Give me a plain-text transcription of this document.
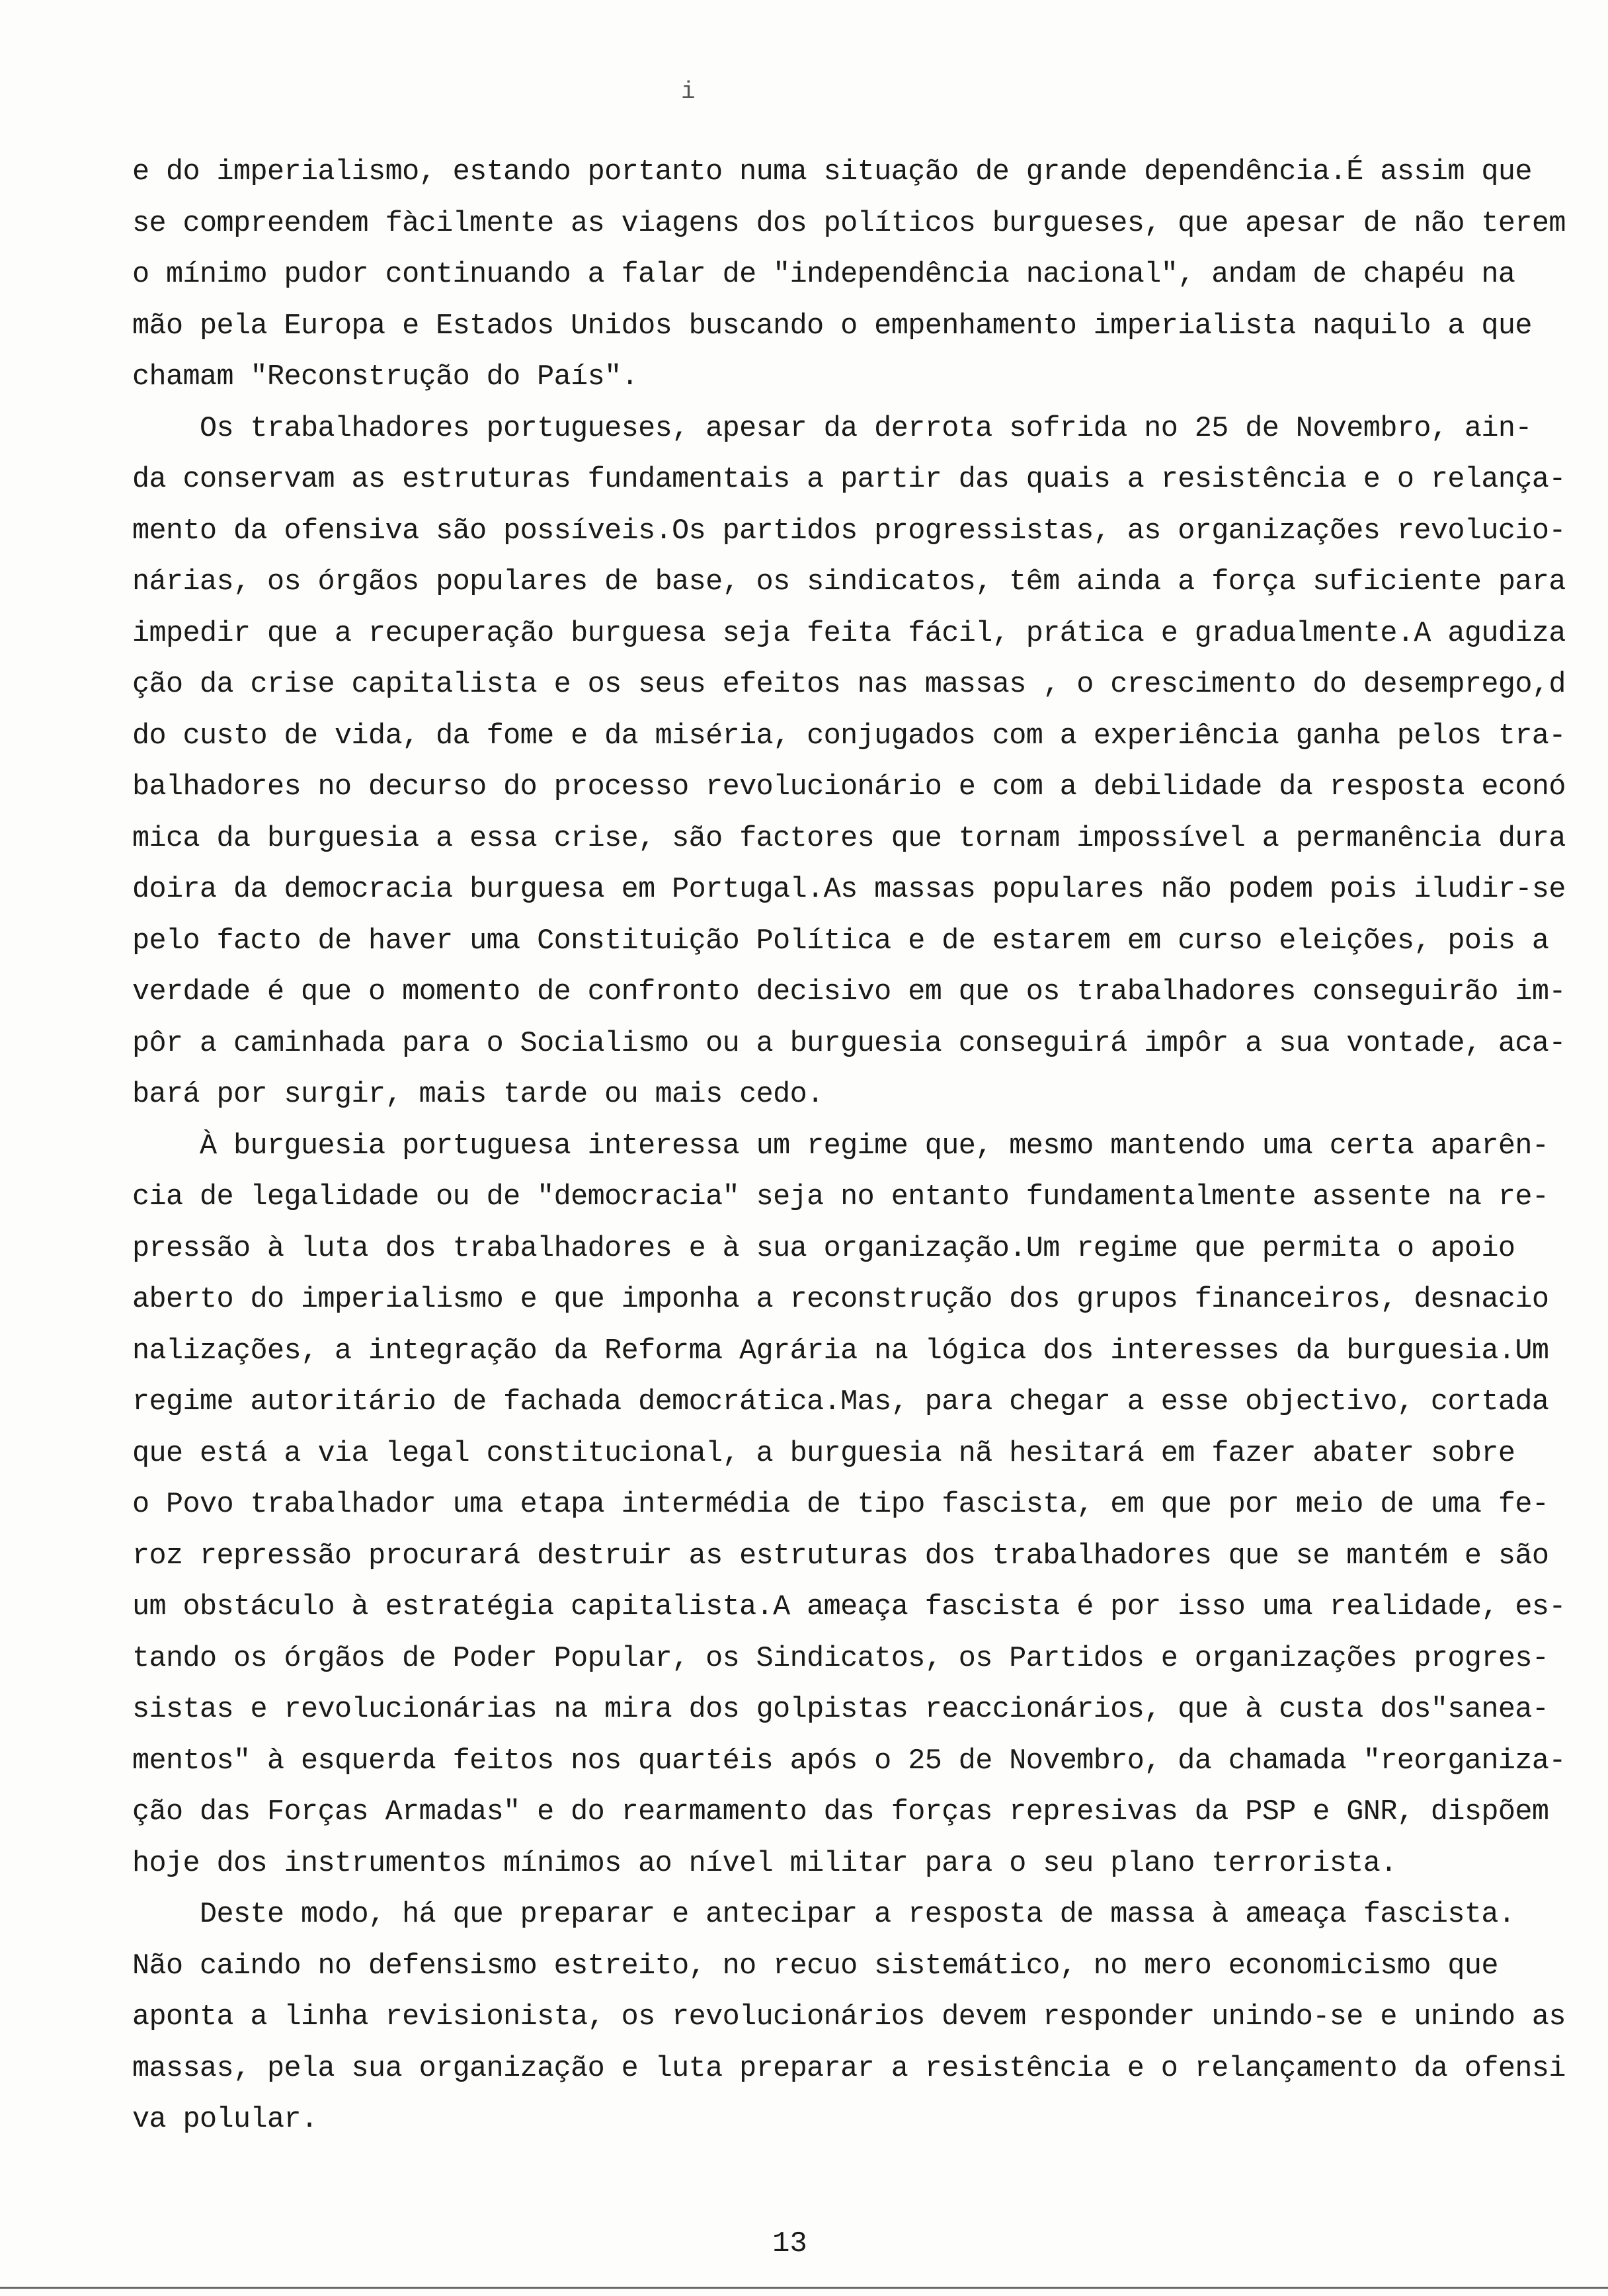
i
e do imperialismo, estando portanto numa situação de grande dependência.É assim que
se compreendem fàcilmente as viagens dos políticos burgueses, que apesar de não terem
o mínimo pudor continuando a falar de "independência nacional", andam de chapéu na
mão pela Europa e Estados Unidos buscando o empenhamento imperialista naquilo a que
chamam "Reconstrução do País".
Os trabalhadores portugueses, apesar da derrota sofrida no 25 de Novembro, ain-
da conservam as estruturas fundamentais a partir das quais a resistência e o relança-
mento da ofensiva são possíveis.Os partidos progressistas, as organizações revolucio-
nárias, os órgãos populares de base, os sindicatos, têm ainda a força suficiente para
impedir que a recuperação burguesa seja feita fácil, prática e gradualmente.A agudiza
ção da crise capitalista e os seus efeitos nas massas , o crescimento do desemprego,d
do custo de vida, da fome e da miséria, conjugados com a experiência ganha pelos tra-
balhadores no decurso do processo revolucionário e com a debilidade da resposta econó
mica da burguesia a essa crise, são factores que tornam impossível a permanência dura
doira da democracia burguesa em Portugal.As massas populares não podem pois iludir-se
pelo facto de haver uma Constituição Política e de estarem em curso eleições, pois a
verdade é que o momento de confronto decisivo em que os trabalhadores conseguirão im-
pôr a caminhada para o Socialismo ou a burguesia conseguirá impôr a sua vontade, aca-
bará por surgir, mais tarde ou mais cedo.
À burguesia portuguesa interessa um regime que, mesmo mantendo uma certa aparên-
cia de legalidade ou de "democracia" seja no entanto fundamentalmente assente na re-
pressão à luta dos trabalhadores e à sua organização.Um regime que permita o apoio
aberto do imperialismo e que imponha a reconstrução dos grupos financeiros, desnacio
nalizações, a integração da Reforma Agrária na lógica dos interesses da burguesia.Um
regime autoritário de fachada democrática.Mas, para chegar a esse objectivo, cortada
que está a via legal constitucional, a burguesia nã hesitará em fazer abater sobre
o Povo trabalhador uma etapa intermédia de tipo fascista, em que por meio de uma fe-
roz repressão procurará destruir as estruturas dos trabalhadores que se mantém e são
um obstáculo à estratégia capitalista.A ameaça fascista é por isso uma realidade, es-
tando os órgãos de Poder Popular, os Sindicatos, os Partidos e organizações progres-
sistas e revolucionárias na mira dos golpistas reaccionários, que à custa dos"sanea-
mentos" à esquerda feitos nos quartéis após o 25 de Novembro, da chamada "reorganiza-
ção das Forças Armadas" e do rearmamento das forças represivas da PSP e GNR, dispõem
hoje dos instrumentos mínimos ao nível militar para o seu plano terrorista.
Deste modo, há que preparar e antecipar a resposta de massa à ameaça fascista.
Não caindo no defensismo estreito, no recuo sistemático, no mero economicismo que
aponta a linha revisionista, os revolucionários devem responder unindo-se e unindo as
massas, pela sua organização e luta preparar a resistência e o relançamento da ofensi
va polular.
13
